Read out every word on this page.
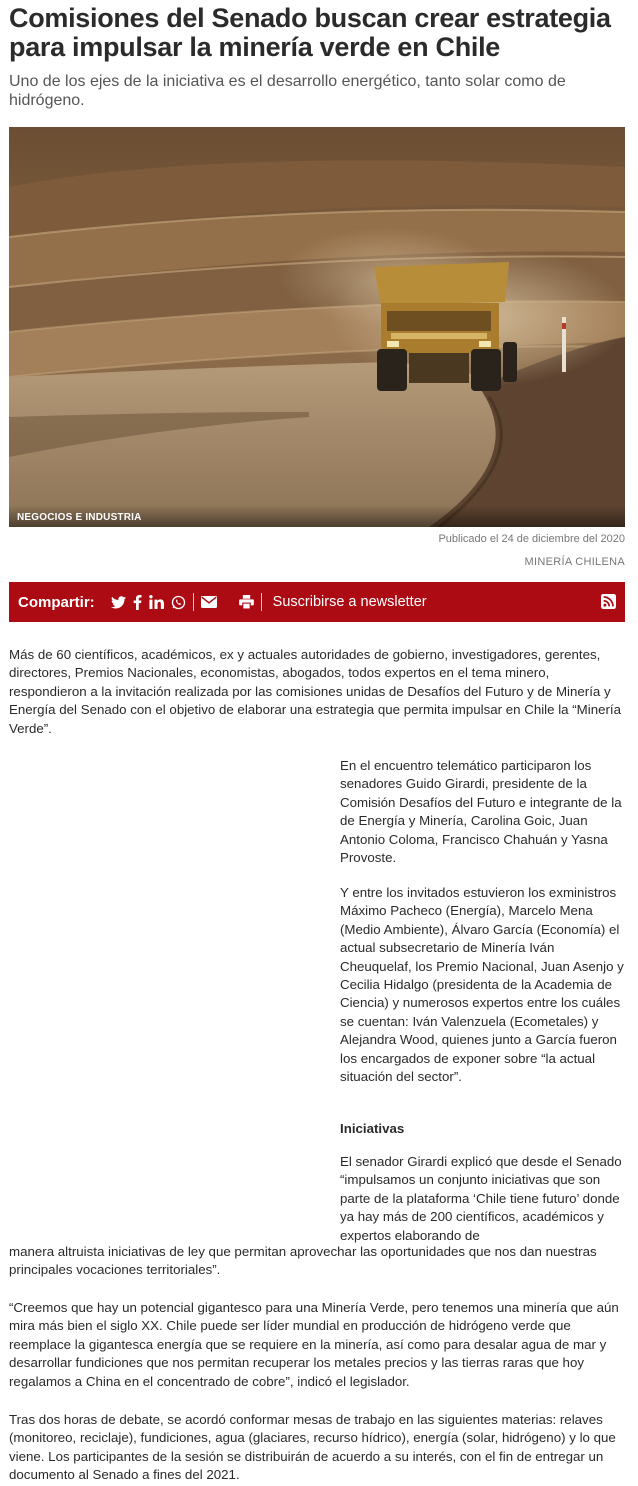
Comisiones del Senado buscan crear estrategia para impulsar la minería verde en Chile

Uno de los ejes de la iniciativa es el desarrollo energético, tanto solar como de hidrógeno.

NEGOCIOS E INDUSTRIA
Publicado el 24 de diciembre del 2020
MINERÍA CHILENA
Compartir:	Suscribirse a newsletter

Más de 60 científicos, académicos, ex y actuales autoridades de gobierno, investigadores, gerentes, directores, Premios Nacionales, economistas, abogados, todos expertos en el tema minero, respondieron a la invitación realizada por las comisiones unidas de Desafíos del Futuro y de Minería y Energía del Senado con el objetivo de elaborar una estrategia que permita impulsar en Chile la “Minería Verde”.

En el encuentro telemático participaron los senadores Guido Girardi, presidente de la Comisión Desafíos del Futuro e integrante de la de Energía y Minería, Carolina Goic, Juan Antonio Coloma, Francisco Chahuán y Yasna Provoste.

Y entre los invitados estuvieron los exministros Máximo Pacheco (Energía), Marcelo Mena (Medio Ambiente), Álvaro García (Economía) el actual subsecretario de Minería Iván Cheuquelaf, los Premio Nacional, Juan Asenjo y Cecilia Hidalgo (presidenta de la Academia de Ciencia) y numerosos expertos entre los cuáles se cuentan: Iván Valenzuela (Ecometales) y Alejandra Wood, quienes junto a García fueron los encargados de exponer sobre “la actual situación del sector”.

Iniciativas

El senador Girardi explicó que desde el Senado “impulsamos un conjunto iniciativas que son parte de la plataforma ‘Chile tiene futuro’ donde ya hay más de 200 científicos, académicos y expertos elaborando de

manera altruista iniciativas de ley que permitan aprovechar las oportunidades que nos dan nuestras principales vocaciones territoriales”.

“Creemos que hay un potencial gigantesco para una Minería Verde, pero tenemos una minería que aún mira más bien el siglo XX. Chile puede ser líder mundial en producción de hidrógeno verde que reemplace la gigantesca energía que se requiere en la minería, así como para desalar agua de mar y desarrollar fundiciones que nos permitan recuperar los metales precios y las tierras raras que hoy regalamos a China en el concentrado de cobre”, indicó el legislador.

Tras dos horas de debate, se acordó conformar mesas de trabajo en las siguientes materias: relaves (monitoreo, reciclaje), fundiciones, agua (glaciares, recurso hídrico), energía (solar, hidrógeno) y lo que viene. Los participantes de la sesión se distribuirán de acuerdo a su interés, con el fin de entregar un documento al Senado a fines del 2021.
